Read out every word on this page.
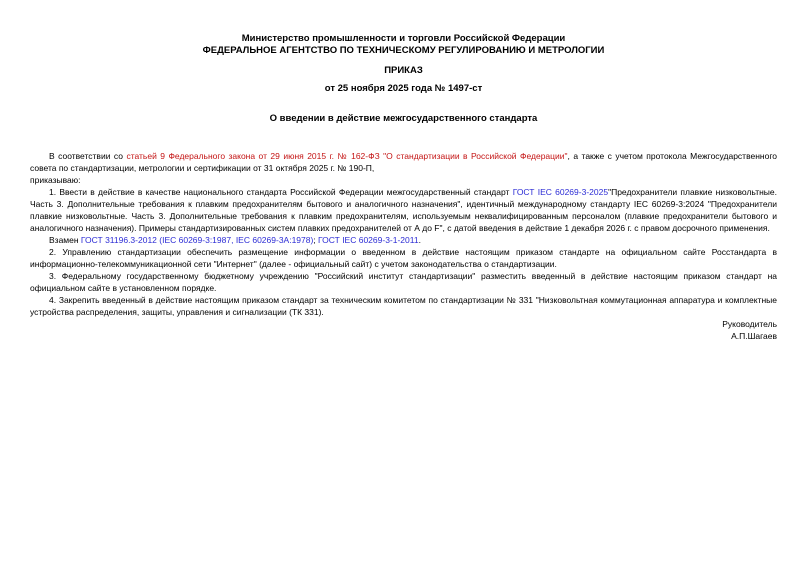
Министерство промышленности и торговли Российской Федерации
ФЕДЕРАЛЬНОЕ АГЕНТСТВО ПО ТЕХНИЧЕСКОМУ РЕГУЛИРОВАНИЮ И МЕТРОЛОГИИ
ПРИКАЗ
от 25 ноября 2025 года № 1497-ст
О введении в действие межгосударственного стандарта

В соответствии со статьей 9 Федерального закона от 29 июня 2015 г. № 162-ФЗ "О стандартизации в Российской Федерации", а также с учетом протокола Межгосударственного совета по стандартизации, метрологии и сертификации от 31 октября 2025 г. № 190-П,

приказываю:

1. Ввести в действие в качестве национального стандарта Российской Федерации межгосударственный стандарт ГОСТ IEC 60269-3-2025"Предохранители плавкие низковольтные. Часть 3. Дополнительные требования к плавким предохранителям бытового и аналогичного назначения", идентичный международному стандарту IEC 60269-3:2024 "Предохранители плавкие низковольтные. Часть 3. Дополнительные требования к плавким предохранителям, используемым неквалифицированным персоналом (плавкие предохранители бытового и аналогичного назначения). Примеры стандартизированных систем плавких предохранителей от А до F", с датой введения в действие 1 декабря 2026 г. с правом досрочного применения.

Взамен ГОСТ 31196.3-2012 (IEC 60269-3:1987, IEC 60269-3А:1978); ГОСТ IEC 60269-3-1-2011.

2. Управлению стандартизации обеспечить размещение информации о введенном в действие настоящим приказом стандарте на официальном сайте Росстандарта в информационно-телекоммуникационной сети "Интернет" (далее - официальный сайт) с учетом законодательства о стандартизации.

3. Федеральному государственному бюджетному учреждению "Российский институт стандартизации" разместить введенный в действие настоящим приказом стандарт на официальном сайте в установленном порядке.

4. Закрепить введенный в действие настоящим приказом стандарт за техническим комитетом по стандартизации № 331 "Низковольтная коммутационная аппаратура и комплектные устройства распределения, защиты, управления и сигнализации (ТК 331).

Руководитель
А.П.Шагаев
